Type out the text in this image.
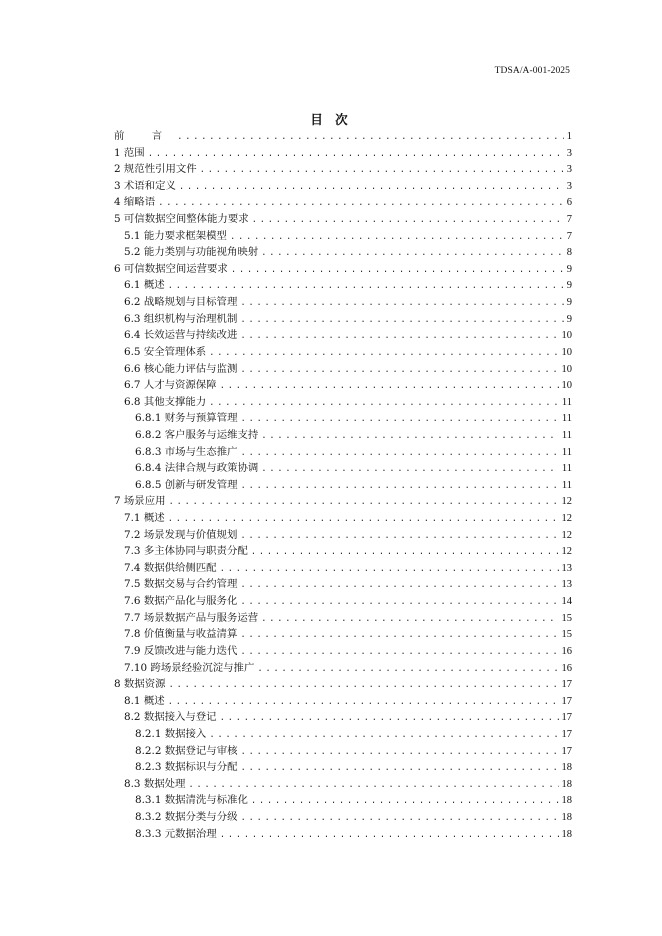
TDSA/A-001-2025
目 次
前 言 .....	1
1 范围 .....	3
2 规范性引用文件 .....	3
3 术语和定义 .....	3
4 缩略语 .....	6
5 可信数据空间整体能力要求 .....	7
5.1 能力要求框架模型 .....	7
5.2 能力类别与功能视角映射 .....	8
6 可信数据空间运营要求 .....	9
6.1 概述 .....	9
6.2 战略规划与目标管理 .....	9
6.3 组织机构与治理机制 .....	9
6.4 长效运营与持续改进 .....	10
6.5 安全管理体系 .....	10
6.6 核心能力评估与监测 .....	10
6.7 人才与资源保障 .....	10
6.8 其他支撑能力 .....	11
6.8.1 财务与预算管理 .....	11
6.8.2 客户服务与运维支持 .....	11
6.8.3 市场与生态推广 .....	11
6.8.4 法律合规与政策协调 .....	11
6.8.5 创新与研发管理 .....	11
7 场景应用 .....	12
7.1 概述 .....	12
7.2 场景发现与价值规划 .....	12
7.3 多主体协同与职责分配 .....	12
7.4 数据供给侧匹配 .....	13
7.5 数据交易与合约管理 .....	13
7.6 数据产品化与服务化 .....	14
7.7 场景数据产品与服务运营 .....	15
7.8 价值衡量与收益清算 .....	15
7.9 反馈改进与能力迭代 .....	16
7.10 跨场景经验沉淀与推广 .....	16
8 数据资源 .....	17
8.1 概述 .....	17
8.2 数据接入与登记 .....	17
8.2.1 数据接入 .....	17
8.2.2 数据登记与审核 .....	17
8.2.3 数据标识与分配 .....	18
8.3 数据处理 .....	18
8.3.1 数据清洗与标准化 .....	18
8.3.2 数据分类与分级 .....	18
8.3.3 元数据治理 .....	18
